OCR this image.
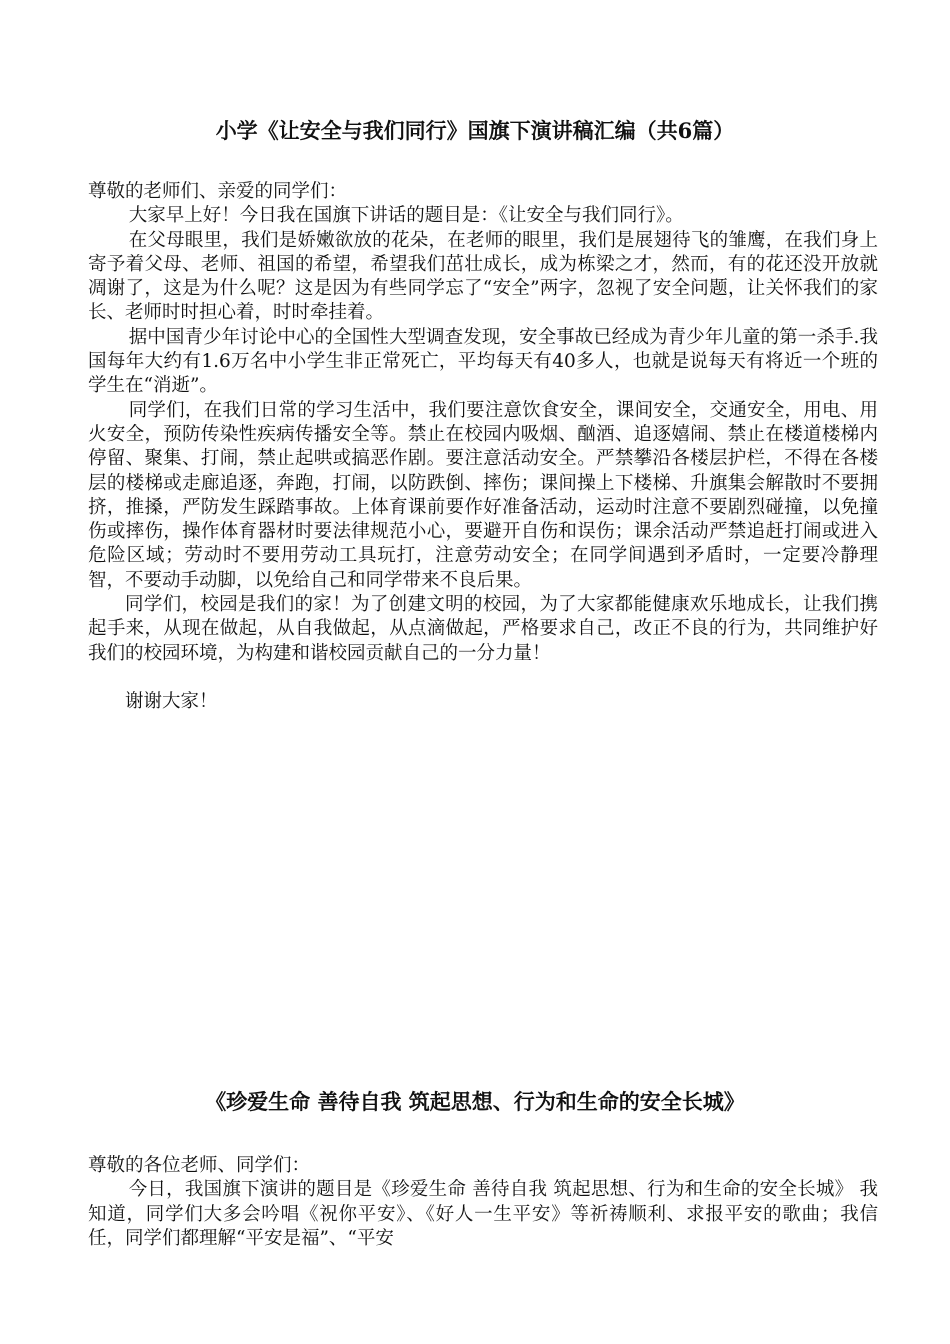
小学《让安全与我们同行》国旗下演讲稿汇编（共6篇）

尊敬的老师们、亲爱的同学们：

大家早上好！今日我在国旗下讲话的题目是：《让安全与我们同行》。

在父母眼里，我们是娇嫩欲放的花朵，在老师的眼里，我们是展翅待飞的雏鹰，在我们身上寄予着父母、老师、祖国的希望，希望我们茁壮成长，成为栋梁之才，然而，有的花还没开放就凋谢了，这是为什么呢？这是因为有些同学忘了“安全”两字，忽视了安全问题，让关怀我们的家长、老师时时担心着，时时牵挂着。

据中国青少年讨论中心的全国性大型调查发现，安全事故已经成为青少年儿童的第一杀手.我国每年大约有1.6万名中小学生非正常死亡，平均每天有40多人，也就是说每天有将近一个班的学生在“消逝”。

同学们，在我们日常的学习生活中，我们要注意饮食安全，课间安全，交通安全，用电、用火安全，预防传染性疾病传播安全等。禁止在校园内吸烟、酗酒、追逐嬉闹、禁止在楼道楼梯内停留、聚集、打闹，禁止起哄或搞恶作剧。要注意活动安全。严禁攀沿各楼层护栏，不得在各楼层的楼梯或走廊追逐，奔跑，打闹，以防跌倒、摔伤；课间操上下楼梯、升旗集会解散时不要拥挤，推搡，严防发生踩踏事故。上体育课前要作好准备活动，运动时注意不要剧烈碰撞，以免撞伤或摔伤，操作体育器材时要法律规范小心，要避开自伤和误伤；课余活动严禁追赶打闹或进入危险区域；劳动时不要用劳动工具玩打，注意劳动安全；在同学间遇到矛盾时，一定要冷静理智，不要动手动脚，以免给自己和同学带来不良后果。

同学们，校园是我们的家！为了创建文明的校园，为了大家都能健康欢乐地成长，让我们携起手来，从现在做起，从自我做起，从点滴做起，严格要求自己，改正不良的行为，共同维护好我们的校园环境，为构建和谐校园贡献自己的一分力量！

谢谢大家！

《珍爱生命 善待自我 筑起思想、行为和生命的安全长城》

尊敬的各位老师、同学们：

今日，我国旗下演讲的题目是《珍爱生命 善待自我 筑起思想、行为和生命的安全长城》 我知道，同学们大多会吟唱《祝你平安》、《好人一生平安》等祈祷顺利、求报平安的歌曲；我信任，同学们都理解“平安是福”、“平安
